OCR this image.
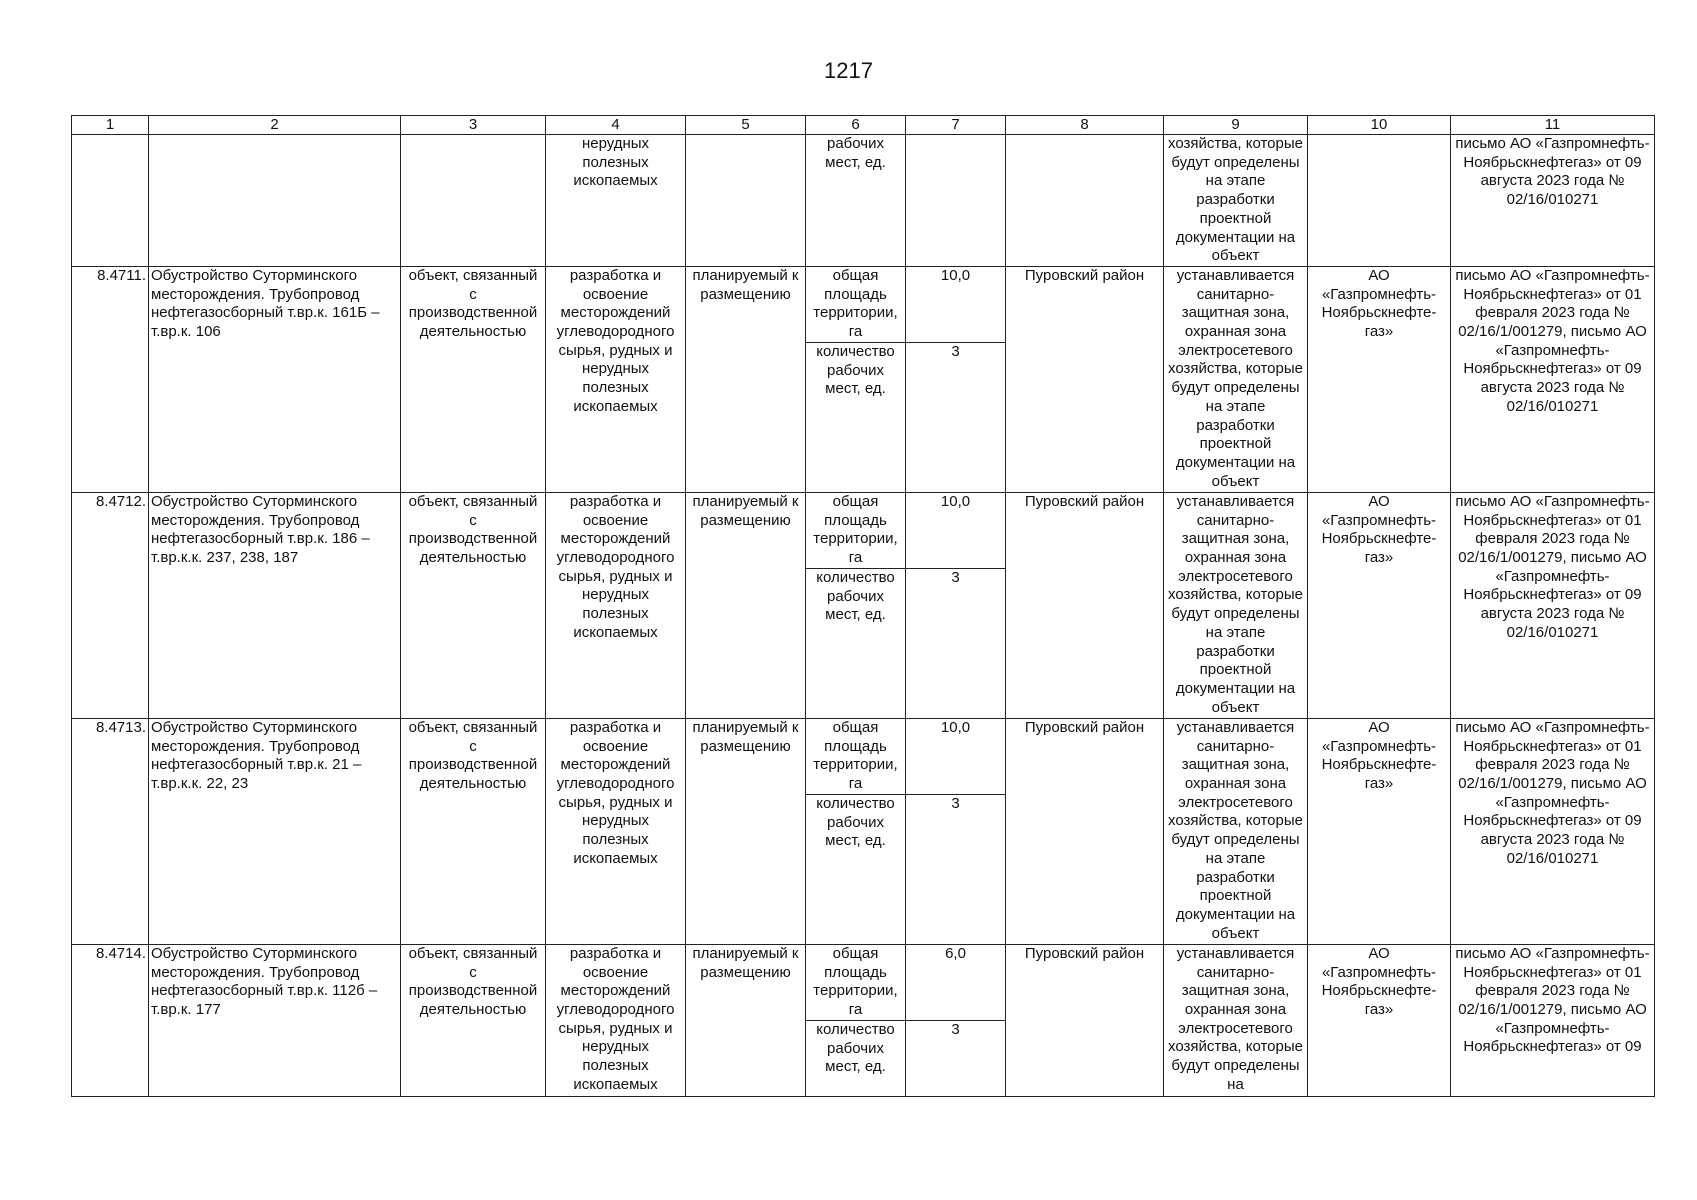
1217
1	2	3	4	5	6	7	8	9	10	11
			нерудных полезных ископаемых		рабочих мест, ед.			хозяйства, которые будут определены на этапе разработки проектной документации на объект		письмо АО «Газпромнефть-Ноябрьскнефтегаз» от 09 августа 2023 года № 02/16/010271
8.4711.	Обустройство Суторминского месторождения. Трубопровод нефтегазосборный т.вр.к. 161Б – т.вр.к. 106	объект, связанный с производственной деятельностью	разработка и освоение месторождений углеводородного сырья, рудных и нерудных полезных ископаемых	планируемый к размещению	общая площадь территории, га	10,0	Пуровский район	устанавливается санитарно-защитная зона, охранная зона электросетевого хозяйства, которые будут определены на этапе разработки проектной документации на объект	АО «Газпромнефть-Ноябрьскнефте-газ»	письмо АО «Газпромнефть-Ноябрьскнефтегаз» от 01 февраля 2023 года № 02/16/1/001279, письмо АО «Газпромнефть-Ноябрьскнефтегаз» от 09 августа 2023 года № 02/16/010271
					количество рабочих мест, ед.	3				
8.4712.	Обустройство Суторминского месторождения. Трубопровод нефтегазосборный т.вр.к. 186 – т.вр.к.к. 237, 238, 187	объект, связанный с производственной деятельностью	разработка и освоение месторождений углеводородного сырья, рудных и нерудных полезных ископаемых	планируемый к размещению	общая площадь территории, га	10,0	Пуровский район	устанавливается санитарно-защитная зона, охранная зона электросетевого хозяйства, которые будут определены на этапе разработки проектной документации на объект	АО «Газпромнефть-Ноябрьскнефте-газ»	письмо АО «Газпромнефть-Ноябрьскнефтегаз» от 01 февраля 2023 года № 02/16/1/001279, письмо АО «Газпромнефть-Ноябрьскнефтегаз» от 09 августа 2023 года № 02/16/010271
					количество рабочих мест, ед.	3				
8.4713.	Обустройство Суторминского месторождения. Трубопровод нефтегазосборный т.вр.к. 21 – т.вр.к.к. 22, 23	объект, связанный с производственной деятельностью	разработка и освоение месторождений углеводородного сырья, рудных и нерудных полезных ископаемых	планируемый к размещению	общая площадь территории, га	10,0	Пуровский район	устанавливается санитарно-защитная зона, охранная зона электросетевого хозяйства, которые будут определены на этапе разработки проектной документации на объект	АО «Газпромнефть-Ноябрьскнефте-газ»	письмо АО «Газпромнефть-Ноябрьскнефтегаз» от 01 февраля 2023 года № 02/16/1/001279, письмо АО «Газпромнефть-Ноябрьскнефтегаз» от 09 августа 2023 года № 02/16/010271
					количество рабочих мест, ед.	3				
8.4714.	Обустройство Суторминского месторождения. Трубопровод нефтегазосборный т.вр.к. 112б – т.вр.к. 177	объект, связанный с производственной деятельностью	разработка и освоение месторождений углеводородного сырья, рудных и нерудных полезных ископаемых	планируемый к размещению	общая площадь территории, га	6,0	Пуровский район	устанавливается санитарно-защитная зона, охранная зона электросетевого хозяйства, которые будут определены на	АО «Газпромнефть-Ноябрьскнефте-газ»	письмо АО «Газпромнефть-Ноябрьскнефтегаз» от 01 февраля 2023 года № 02/16/1/001279, письмо АО «Газпромнефть-Ноябрьскнефтегаз» от 09
					количество рабочих мест, ед.	3				
